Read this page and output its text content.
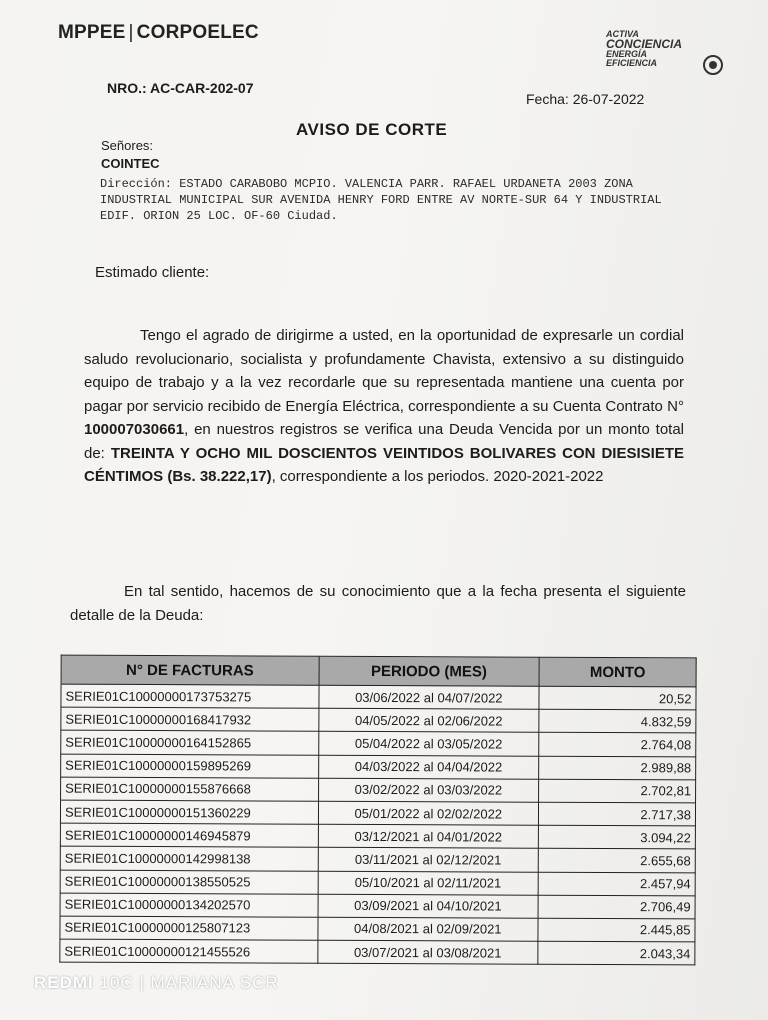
MPPEE | CORPOELEC	ACTIVA
CONCIENCIA
ENERGÍA
EFICIENCIA
NRO.: AC-CAR-202-07
Fecha: 26-07-2022
AVISO DE CORTE
Señores:
COINTEC
Dirección: ESTADO CARABOBO MCPIO. VALENCIA PARR. RAFAEL URDANETA 2003 ZONA INDUSTRIAL MUNICIPAL SUR AVENIDA HENRY FORD ENTRE AV NORTE-SUR 64 Y INDUSTRIAL EDIF. ORION 25 LOC. OF-60 Ciudad.
Estimado cliente:
Tengo el agrado de dirigirme a usted, en la oportunidad de expresarle un cordial saludo revolucionario, socialista y profundamente Chavista, extensivo a su distinguido equipo de trabajo y a la vez recordarle que su representada mantiene una cuenta por pagar por servicio recibido de Energía Eléctrica, correspondiente a su Cuenta Contrato N° 100007030661, en nuestros registros se verifica una Deuda Vencida por un monto total de: TREINTA Y OCHO MIL DOSCIENTOS VEINTIDOS BOLIVARES CON DIESISIETE CÉNTIMOS (Bs. 38.222,17), correspondiente a los periodos. 2020-2021-2022
En tal sentido, hacemos de su conocimiento que a la fecha presenta el siguiente detalle de la Deuda:
N° DE FACTURAS	PERIODO (MES)	MONTO
SERIE01C10000000173753275	03/06/2022 al 04/07/2022	20,52
SERIE01C10000000168417932	04/05/2022 al 02/06/2022	4.832,59
SERIE01C10000000164152865	05/04/2022 al 03/05/2022	2.764,08
SERIE01C10000000159895269	04/03/2022 al 04/04/2022	2.989,88
SERIE01C10000000155876668	03/02/2022 al 03/03/2022	2.702,81
SERIE01C10000000151360229	05/01/2022 al 02/02/2022	2.717,38
SERIE01C10000000146945879	03/12/2021 al 04/01/2022	3.094,22
SERIE01C10000000142998138	03/11/2021 al 02/12/2021	2.655,68
SERIE01C10000000138550525	05/10/2021 al 02/11/2021	2.457,94
SERIE01C10000000134202570	03/09/2021 al 04/10/2021	2.706,49
SERIE01C10000000125807123	04/08/2021 al 02/09/2021	2.445,85
SERIE01C10000000121455526	03/07/2021 al 03/08/2021	2.043,34
REDMI 10C | MARIANA SCR
